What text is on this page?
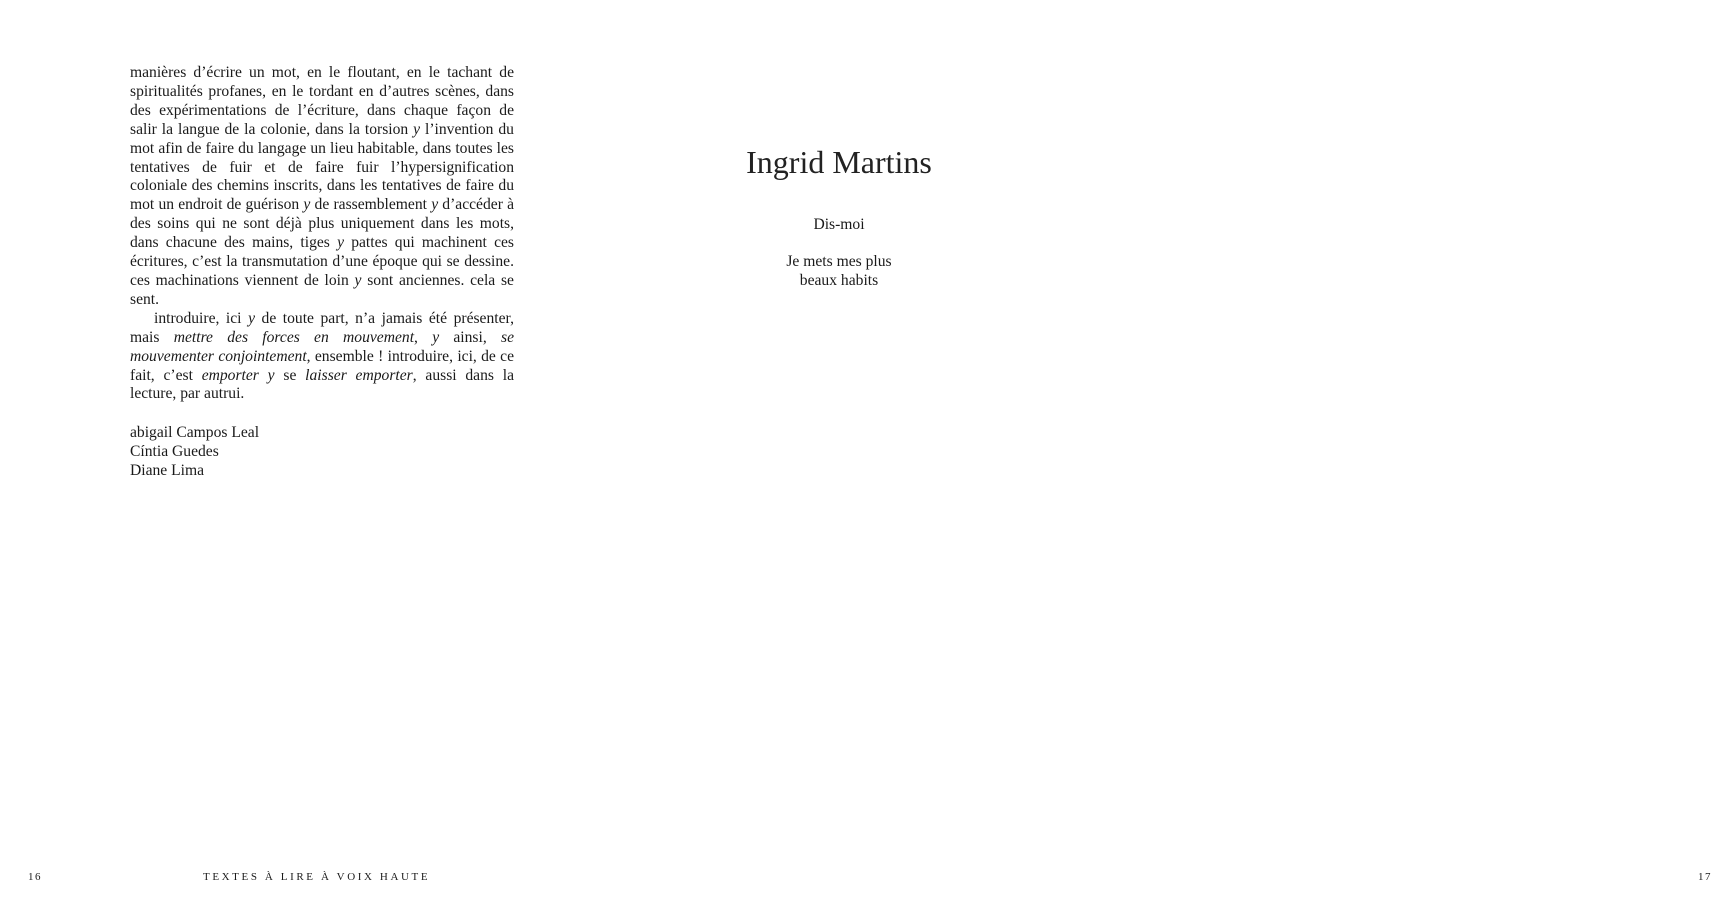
manières d’écrire un mot, en le floutant, en le tachant de spiritualités profanes, en le tordant en d’autres scènes, dans des expérimentations de l’écriture, dans chaque façon de salir la langue de la colonie, dans la torsion y l’invention du mot afin de faire du langage un lieu habitable, dans toutes les tentatives de fuir et de faire fuir l’hypersignification coloniale des chemins inscrits, dans les tentatives de faire du mot un endroit de guérison y de rassemblement y d’accéder à des soins qui ne sont déjà plus uniquement dans les mots, dans chacune des mains, tiges y pattes qui machinent ces écritures, c’est la transmutation d’une époque qui se dessine. ces machinations viennent de loin y sont anciennes. cela se sent.

introduire, ici y de toute part, n’a jamais été présenter, mais mettre des forces en mouvement, y ainsi, se mouvementer conjointement, ensemble ! introduire, ici, de ce fait, c’est emporter y se laisser emporter, aussi dans la lecture, par autrui.

abigail Campos Leal
Cíntia Guedes
Diane Lima
16	TEXTES À LIRE À VOIX HAUTE
Ingrid Martins
Dis-moi
Je mets mes plus
beaux habits
17
